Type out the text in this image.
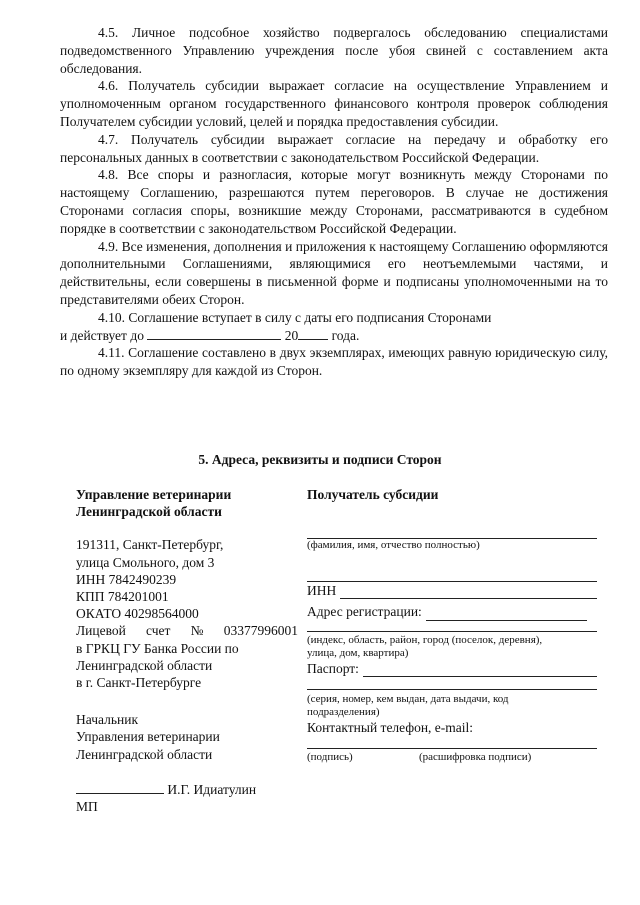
4.5. Личное подсобное хозяйство подвергалось обследованию специалистами подведомственного Управлению учреждения после убоя свиней с составлением акта обследования.

4.6. Получатель субсидии выражает согласие на осуществление Управлением и уполномоченным органом государственного финансового контроля проверок соблюдения Получателем субсидии условий, целей и порядка предоставления субсидии.

4.7. Получатель субсидии выражает согласие на передачу и обработку его персональных данных в соответствии с законодательством Российской Федерации.

4.8. Все споры и разногласия, которые могут возникнуть между Сторонами по настоящему Соглашению, разрешаются путем переговоров. В случае не достижения Сторонами согласия споры, возникшие между Сторонами, рассматриваются в судебном порядке в соответствии с законодательством Российской Федерации.

4.9. Все изменения, дополнения и приложения к настоящему Соглашению оформляются дополнительными Соглашениями, являющимися его неотъемлемыми частями, и действительны, если совершены в письменной форме и подписаны уполномоченными на то представителями обеих Сторон.

4.10. Соглашение вступает в силу с даты его подписания Сторонами

и действует до	20 года.

4.11. Соглашение составлено в двух экземплярах, имеющих равную юридическую силу, по одному экземпляру для каждой из Сторон.

5. Адреса, реквизиты и подписи Сторон
Управление ветеринарии
Ленинградской области
191311, Санкт-Петербург,
улица Смольного, дом 3
ИНН 7842490239
КПП 784201001
ОКАТО 40298564000
Лицевой счет № 03377996001
в ГРКЦ ГУ Банка России по
Ленинградской области
в г. Санкт-Петербурге
Начальник
Управления ветеринарии
Ленинградской области
И.Г. Идиатулин
МП
Получатель субсидии
(фамилия, имя, отчество полностью)
ИНН
Адрес регистрации:
(индекс, область, район, город (поселок, деревня),
улица, дом, квартира)
Паспорт:
(серия, номер, кем выдан, дата выдачи, код
подразделения)
Контактный телефон, e-mail:
(подпись)	(расшифровка подписи)
